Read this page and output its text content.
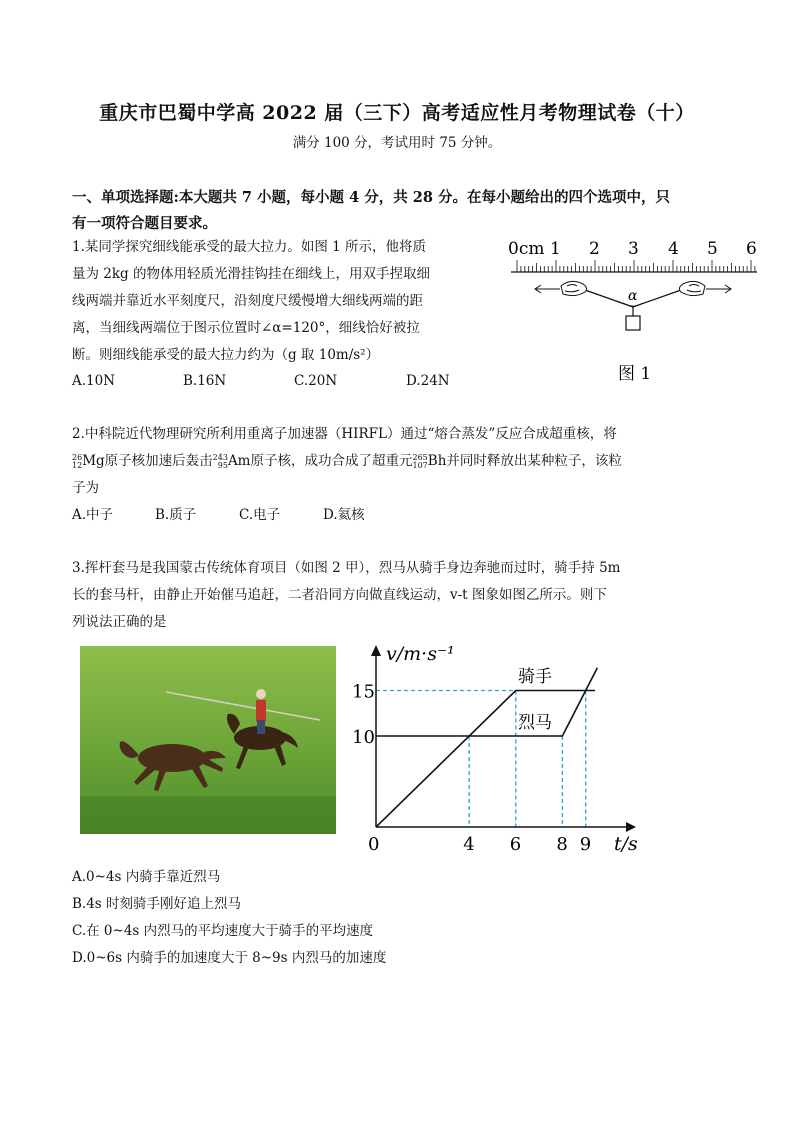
重庆市巴蜀中学高 2022 届（三下）高考适应性月考物理试卷（十）
满分 100 分，考试用时 75 分钟。
一、单项选择题:本大题共 7 小题，每小题 4 分，共 28 分。在每小题给出的四个选项中，只
有一项符合题目要求。
1.某同学探究细线能承受的最大拉力。如图 1 所示，他将质
量为 2kg 的物体用轻质光滑挂钩挂在细线上，用双手捏取细
线两端并靠近水平刻度尺，沿刻度尺缓慢增大细线两端的距
离，当细线两端位于图示位置时∠α=120°，细线恰好被拉
断。则细线能承受的最大拉力约为（g 取 10m/s²）
A.10N	B.16N	C.20N	D.24N
0cm 1 2 3 4 5 6
α
图 1
2.中科院近代物理研究所利用重离子加速器（HIRFL）通过“熔合蒸发”反应合成超重核，将
26
12 Mg原子核加速后轰击 243
95 Am原子核，成功合成了超重元 265
107 Bh并同时释放出某种粒子，该粒
子为
A.中子	B.质子	C.电子	D.氦核
3.挥杆套马是我国蒙古传统体育项目（如图 2 甲），烈马从骑手身边奔驰而过时，骑手持 5m
长的套马杆，由静止开始催马追赶，二者沿同方向做直线运动，v-t 图象如图乙所示。则下
列说法正确的是
v/m·s⁻¹
t/s
0	4 6 8 9
10
15
骑手
烈马
A.0~4s 内骑手靠近烈马
B.4s 时刻骑手刚好追上烈马
C.在 0~4s 内烈马的平均速度大于骑手的平均速度
D.0~6s 内骑手的加速度大于 8~9s 内烈马的加速度
